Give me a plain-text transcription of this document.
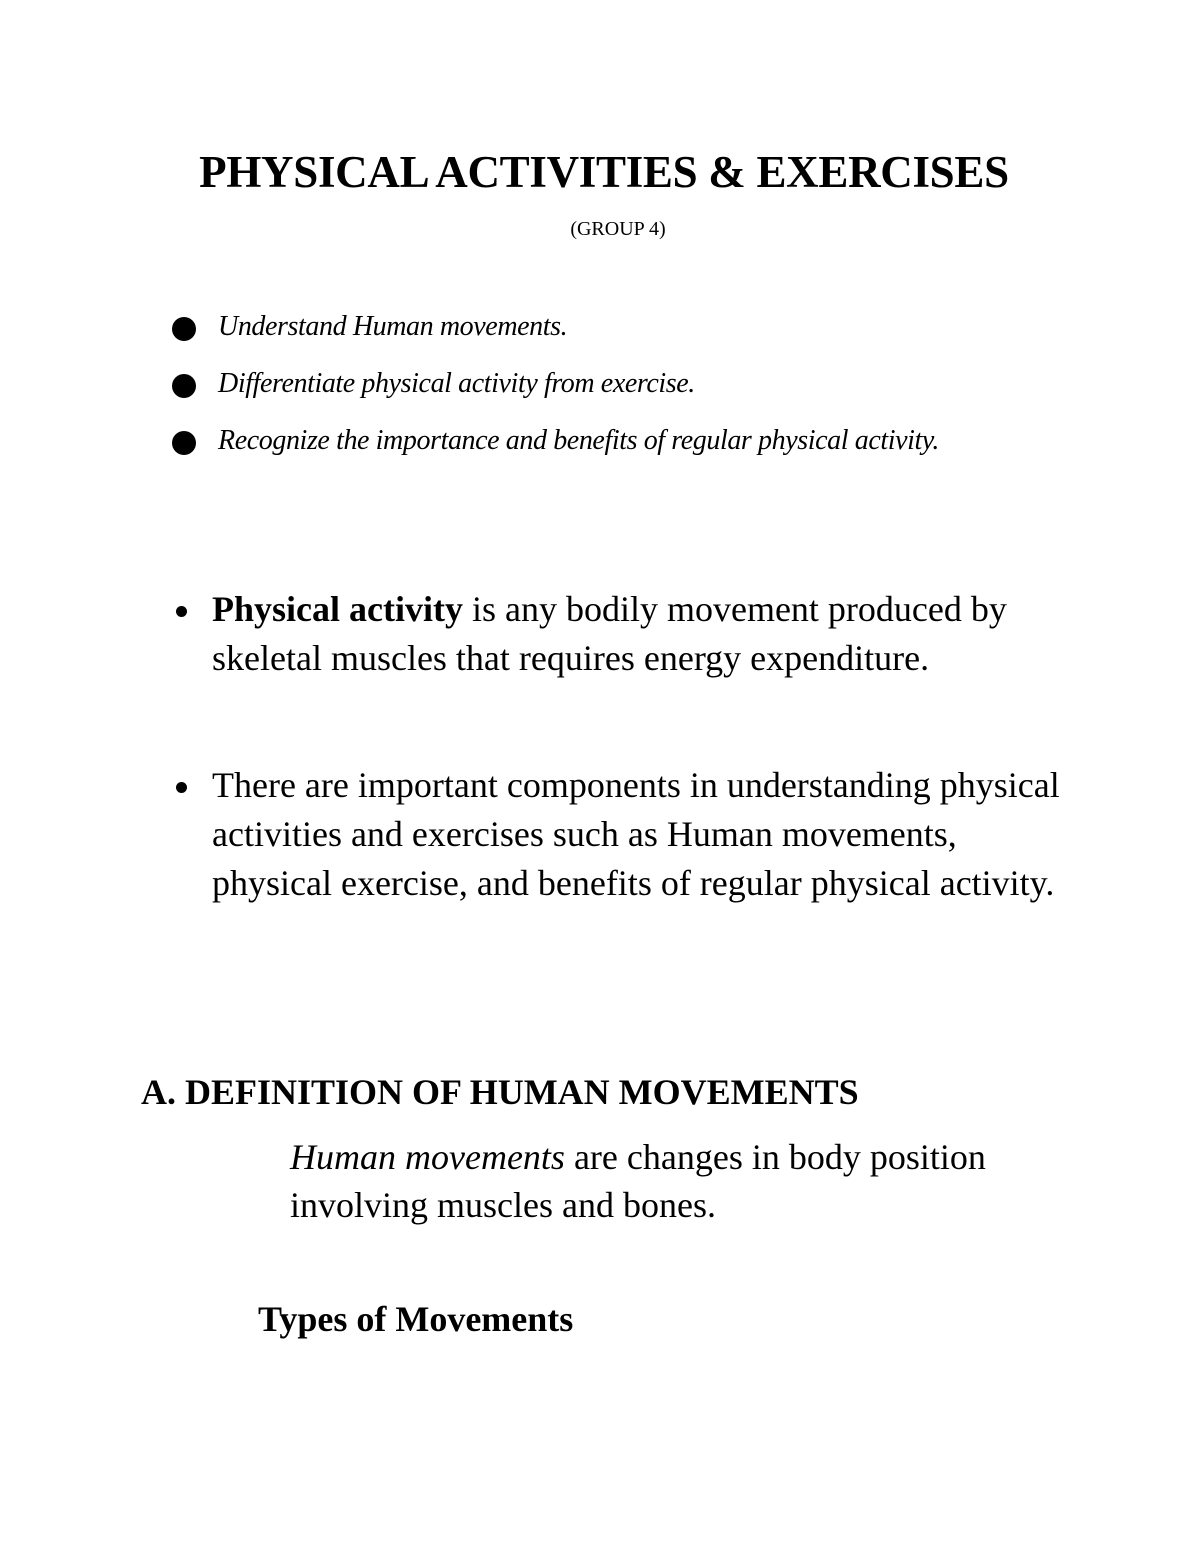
PHYSICAL ACTIVITIES & EXERCISES

(GROUP 4)

Understand Human movements.
Differentiate physical activity from exercise.
Recognize the importance and benefits of regular physical activity.
Physical activity is any bodily movement produced by skeletal muscles that requires energy expenditure.
There are important components in understanding physical activities and exercises such as Human movements, physical exercise, and benefits of regular physical activity.
A. DEFINITION OF HUMAN MOVEMENTS

Human movements are changes in body position involving muscles and bones.

Types of Movements
